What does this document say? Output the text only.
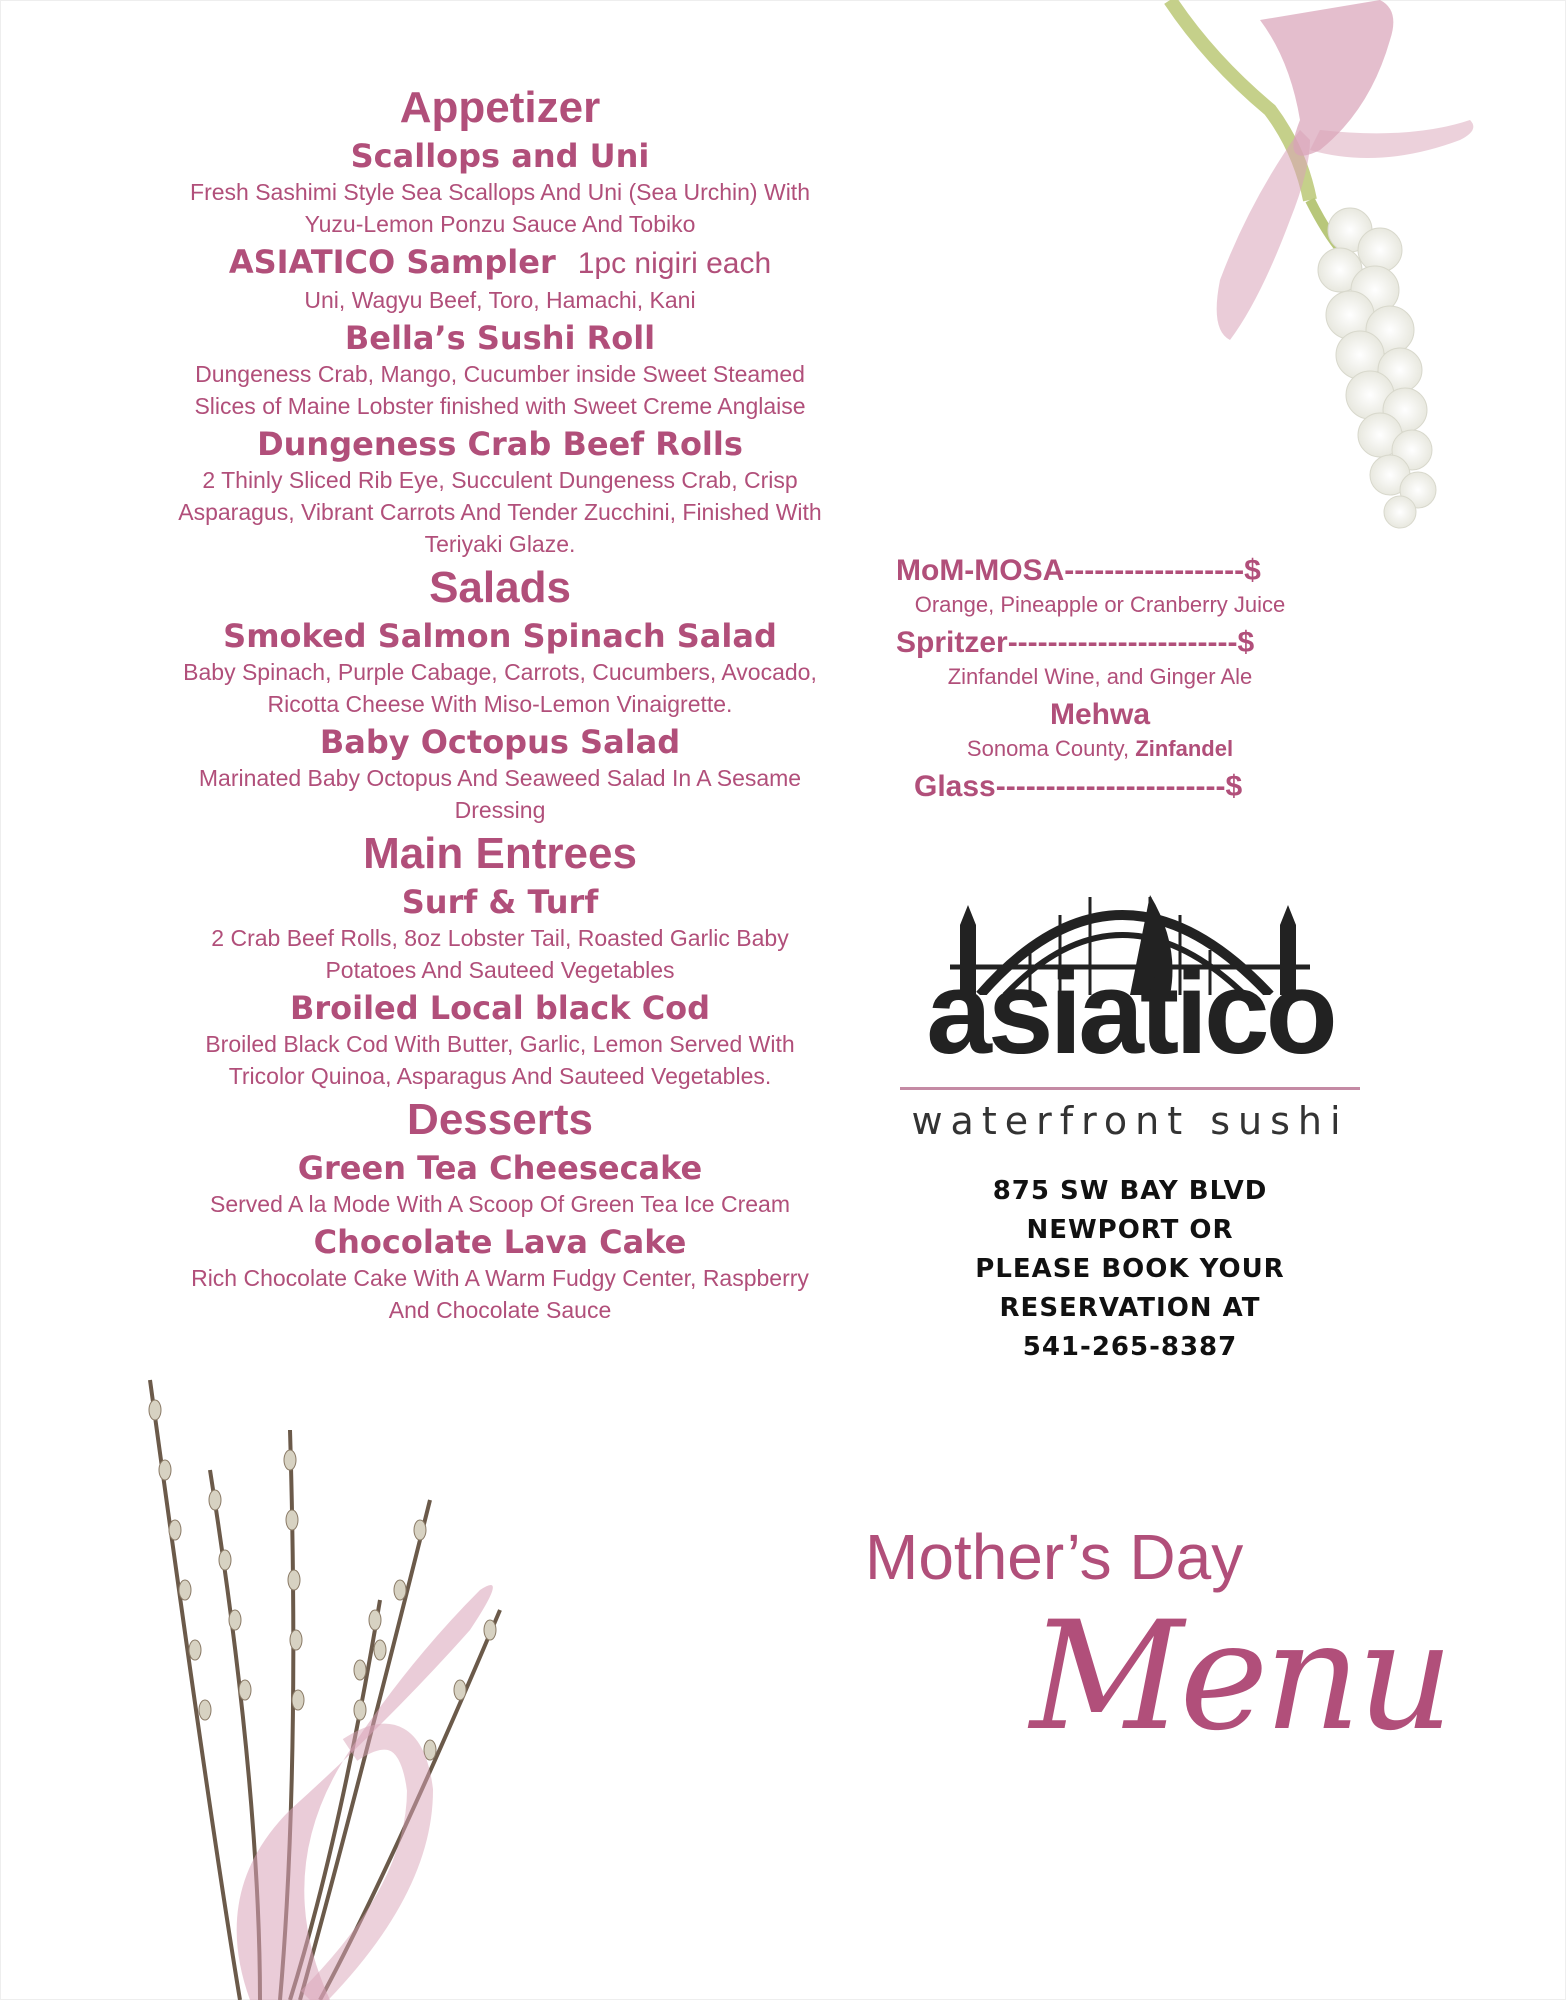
Appetizer
Scallops and Uni

Fresh Sashimi Style Sea Scallops And Uni (Sea Urchin) With Yuzu-Lemon Ponzu Sauce And Tobiko

ASIATICO Sampler 1pc nigiri each

Uni, Wagyu Beef, Toro, Hamachi, Kani

Bella’s Sushi Roll

Dungeness Crab, Mango, Cucumber inside Sweet Steamed Slices of Maine Lobster finished with Sweet Creme Anglaise

Dungeness Crab Beef Rolls

2 Thinly Sliced Rib Eye, Succulent Dungeness Crab, Crisp Asparagus, Vibrant Carrots And Tender Zucchini, Finished With Teriyaki Glaze.

Salads
Smoked Salmon Spinach Salad

Baby Spinach, Purple Cabage, Carrots, Cucumbers, Avocado, Ricotta Cheese With Miso-Lemon Vinaigrette.

Baby Octopus Salad

Marinated Baby Octopus And Seaweed Salad In A Sesame Dressing

Main Entrees
Surf & Turf

2 Crab Beef Rolls, 8oz Lobster Tail, Roasted Garlic Baby Potatoes And Sauteed Vegetables

Broiled Local black Cod

Broiled Black Cod With Butter, Garlic, Lemon Served With Tricolor Quinoa, Asparagus And Sauteed Vegetables.

Desserts
Green Tea Cheesecake

Served A la Mode With A Scoop Of Green Tea Ice Cream

Chocolate Lava Cake

Rich Chocolate Cake With A Warm Fudgy Center, Raspberry And Chocolate Sauce

MoM-MOSA------------------$

Orange, Pineapple or Cranberry Juice

Spritzer-----------------------$

Zinfandel Wine, and Ginger Ale

Mehwa

Sonoma County, Zinfandel

Glass-----------------------$
asiatico
waterfront sushi
875 SW BAY BLVD
NEWPORT OR
PLEASE BOOK YOUR
RESERVATION AT
541-265-8387
Mother’s Day
Menu
